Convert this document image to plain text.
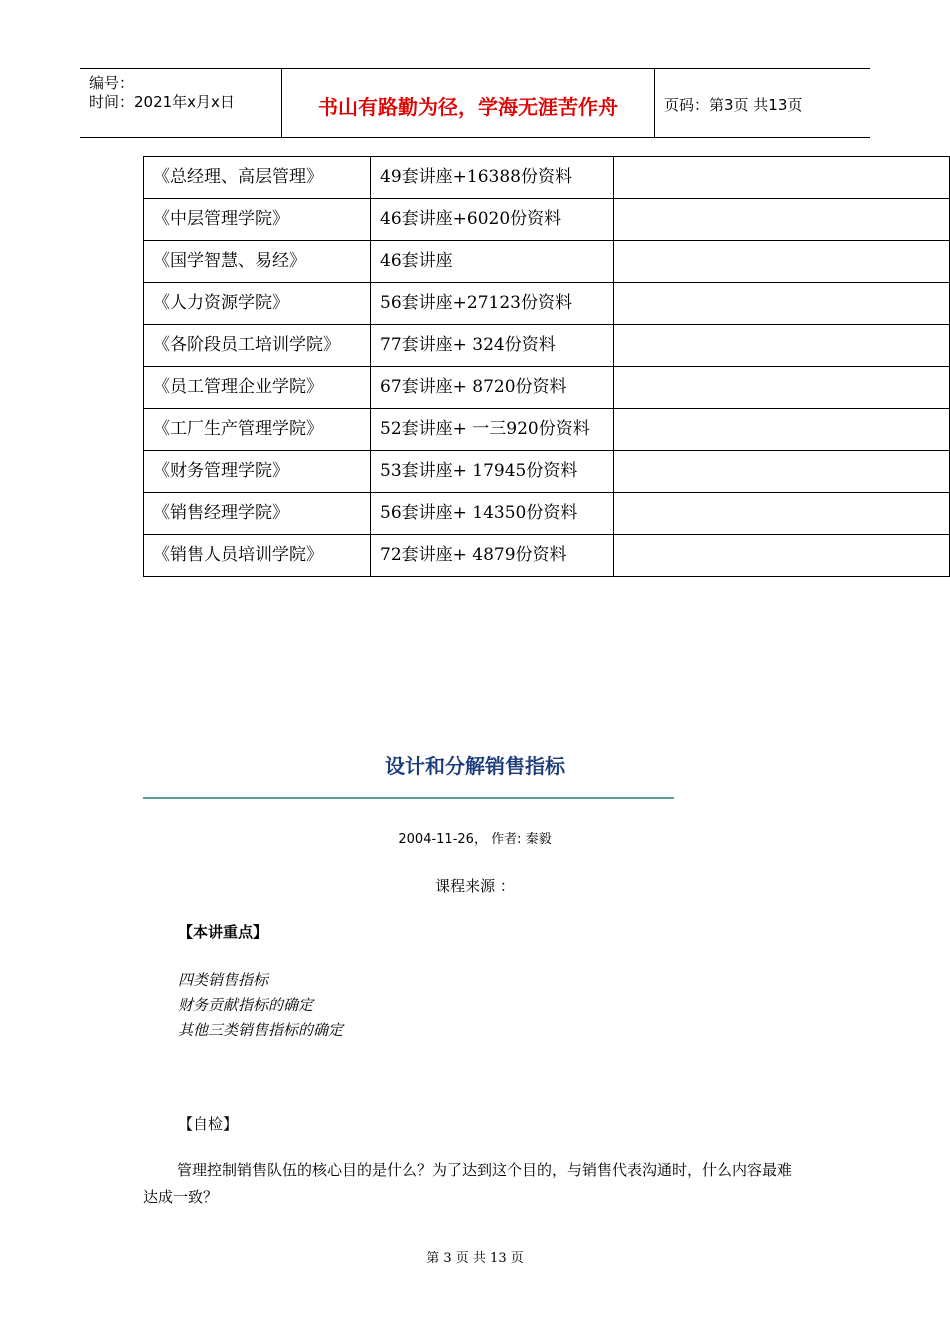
编号：
时间：2021年x月x日	书山有路勤为径，学海无涯苦作舟	页码：第3页 共13页
《总经理、高层管理》	49套讲座+16388份资料	
《中层管理学院》	46套讲座+6020份资料	
《国学智慧、易经》	46套讲座	
《人力资源学院》	56套讲座+27123份资料	
《各阶段员工培训学院》	77套讲座+ 324份资料	
《员工管理企业学院》	67套讲座+ 8720份资料	
《工厂生产管理学院》	52套讲座+ 一三920份资料	
《财务管理学院》	53套讲座+ 17945份资料	
《销售经理学院》	56套讲座+ 14350份资料	
《销售人员培训学院》	72套讲座+ 4879份资料	
设计和分解销售指标
2004-11-26， 作者: 秦毅
课程来源 ：
【本讲重点】
四类销售指标
财务贡献指标的确定
其他三类销售指标的确定
【自检】
管理控制销售队伍的核心目的是什么？为了达到这个目的，与销售代表沟通时，什么内容最难达成一致？
第 3 页 共 13 页
